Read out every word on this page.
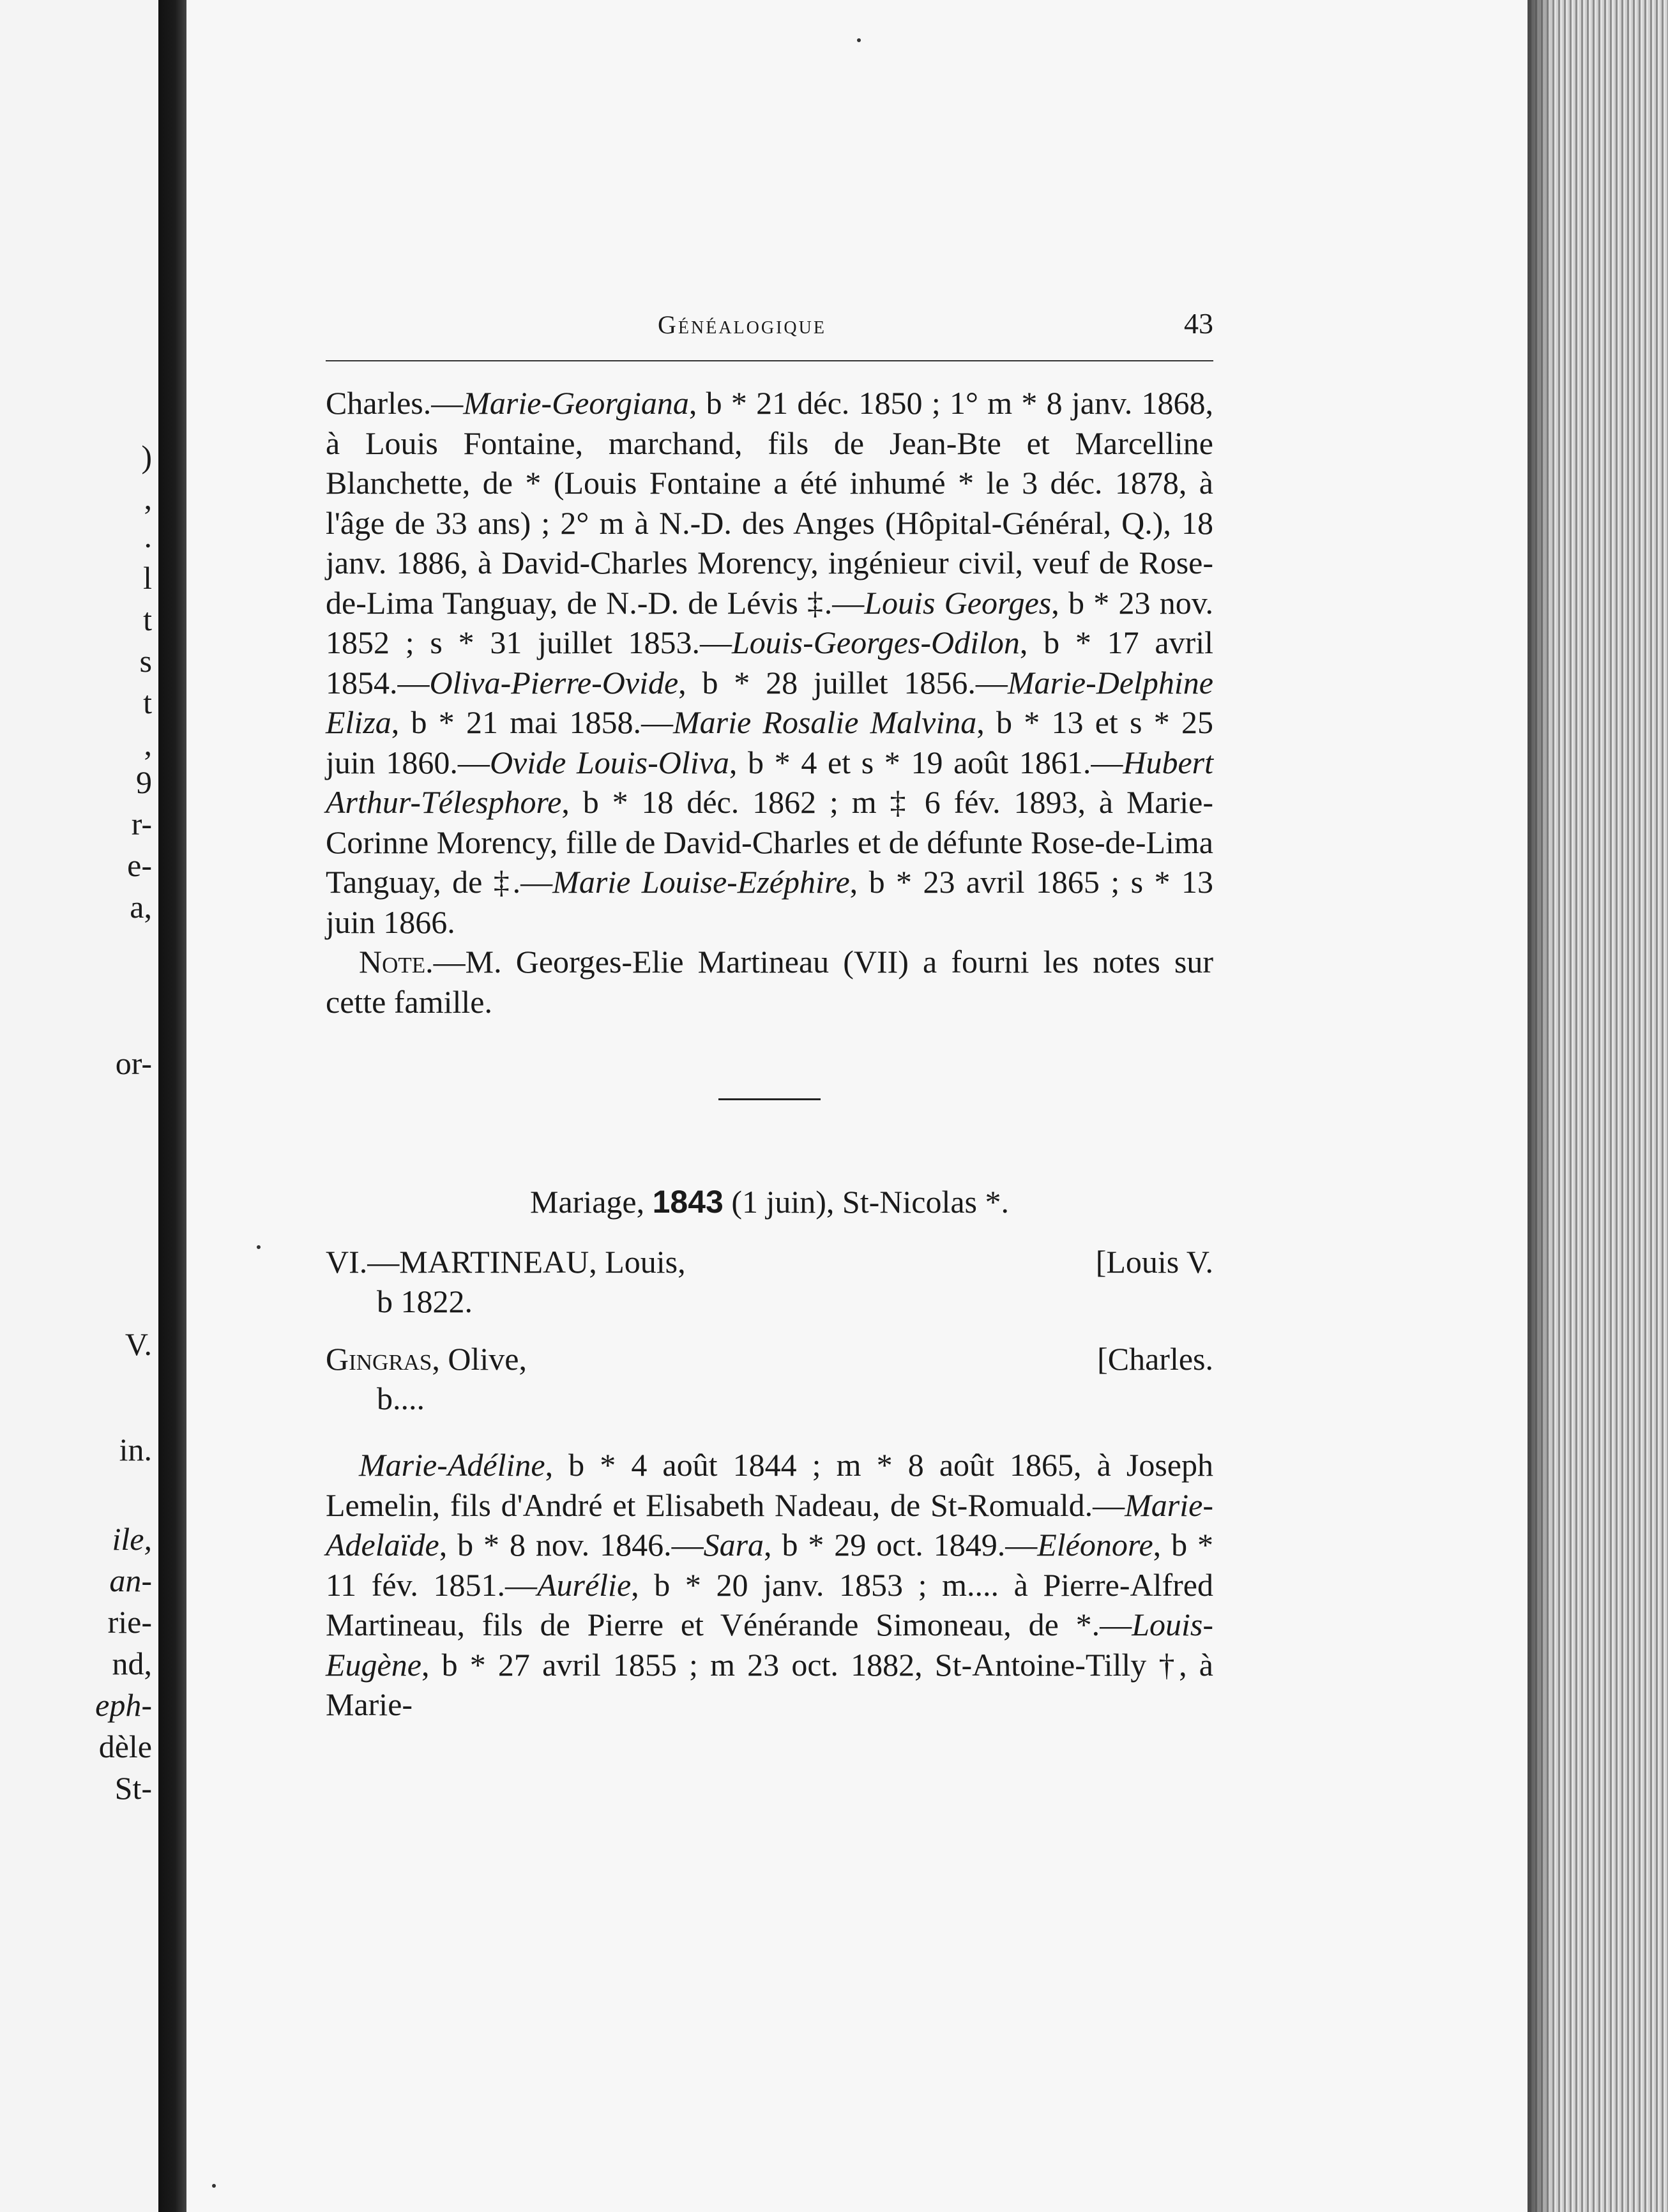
)
,
.
l
t
s
t
,
9
r-
e-
a,
or-
V.
in.
ile,
an-
rie-
nd,
eph-
dèle
St-
Généalogique	43

Charles.—Marie-Georgiana, b * 21 déc. 1850 ; 1° m * 8 janv. 1868, à Louis Fontaine, marchand, fils de Jean-Bte et Marcelline Blanchette, de * (Louis Fontaine a été inhumé * le 3 déc. 1878, à l'âge de 33 ans) ; 2° m à N.-D. des Anges (Hôpital-Général, Q.), 18 janv. 1886, à David-Charles Morency, ingénieur civil, veuf de Rose-de-Lima Tanguay, de N.-D. de Lévis ‡.—Louis Georges, b * 23 nov. 1852 ; s * 31 juillet 1853.—Louis-Georges-Odilon, b * 17 avril 1854.—Oliva-Pierre-Ovide, b * 28 juillet 1856.—Marie-Delphine Eliza, b * 21 mai 1858.—Marie Rosalie Malvina, b * 13 et s * 25 juin 1860.—Ovide Louis-Oliva, b * 4 et s * 19 août 1861.—Hubert Arthur-Télesphore, b * 18 déc. 1862 ; m ‡ 6 fév. 1893, à Marie-Corinne Morency, fille de David-Charles et de défunte Rose-de-Lima Tanguay, de ‡.—Marie Louise-Ezéphire, b * 23 avril 1865 ; s * 13 juin 1866.

Note.—M. Georges-Elie Martineau (VII) a fourni les notes sur cette famille.

Mariage, 1843 (1 juin), St-Nicolas *.
VI.—MARTINEAU, Louis,	[Louis V.
b 1822.
Gingras, Olive,	[Charles.
b....

Marie-Adéline, b * 4 août 1844 ; m * 8 août 1865, à Joseph Lemelin, fils d'André et Elisabeth Nadeau, de St-Romuald.—Marie-Adelaïde, b * 8 nov. 1846.—Sara, b * 29 oct. 1849.—Eléonore, b * 11 fév. 1851.—Aurélie, b * 20 janv. 1853 ; m.... à Pierre-Alfred Martineau, fils de Pierre et Vénérande Simoneau, de *.—Louis-Eugène, b * 27 avril 1855 ; m 23 oct. 1882, St-Antoine-Tilly †, à Marie-
